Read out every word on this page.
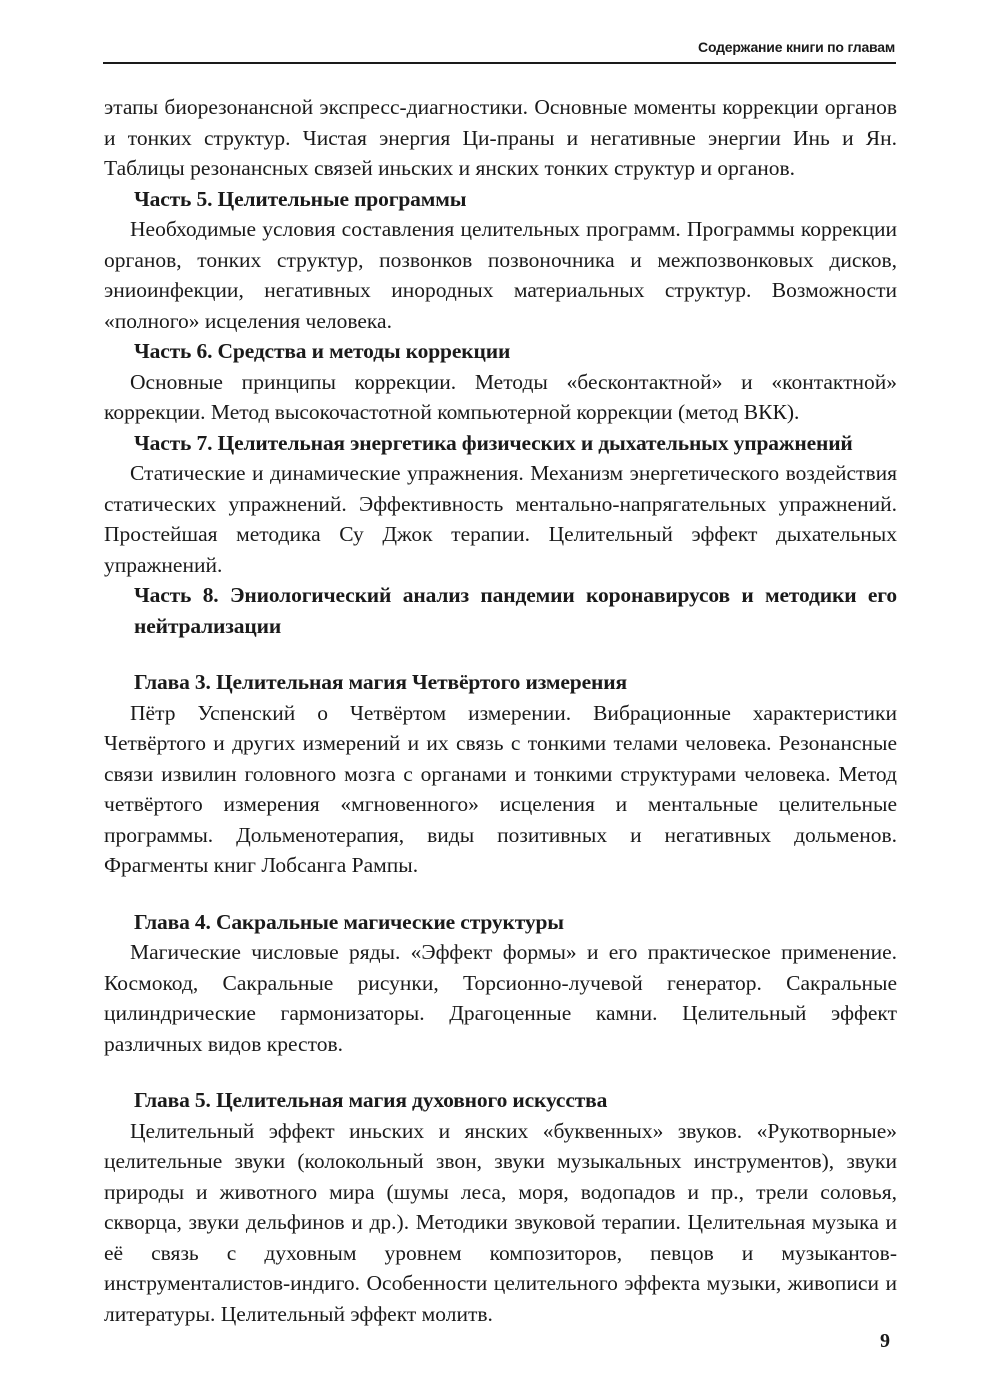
Содержание книги по главам

этапы биорезонансной экспресс-диагностики. Основные моменты коррекции органов и тонких структур. Чистая энергия Ци-праны и негативные энергии Инь и Ян. Таблицы резонансных связей иньских и янских тонких структур и органов.

Часть 5. Целительные программы

Необходимые условия составления целительных программ. Программы коррекции органов, тонких структур, позвонков позвоночника и межпозвонковых дисков, эниоинфекции, негативных инородных материальных структур. Возможности «полного» исцеления человека.

Часть 6. Средства и методы коррекции

Основные принципы коррекции. Методы «бесконтактной» и «контактной» коррекции. Метод высокочастотной компьютерной коррекции (метод ВКК).

Часть 7. Целительная энергетика физических и дыхательных упражнений

Статические и динамические упражнения. Механизм энергетического воздействия статических упражнений. Эффективность ментально-напрягательных упражнений. Простейшая методика Су Джок терапии. Целительный эффект дыхательных упражнений.

Часть 8. Эниологический анализ пандемии коронавирусов и методики его нейтрализации

Глава 3. Целительная магия Четвёртого измерения

Пётр Успенский о Четвёртом измерении. Вибрационные характеристики Четвёртого и других измерений и их связь с тонкими телами человека. Резонансные связи извилин головного мозга с органами и тонкими структурами человека. Метод четвёртого измерения «мгновенного» исцеления и ментальные целительные программы. Дольменотерапия, виды позитивных и негативных дольменов. Фрагменты книг Лобсанга Рампы.

Глава 4. Сакральные магические структуры

Магические числовые ряды. «Эффект формы» и его практическое применение. Космокод, Сакральные рисунки, Торсионно-лучевой генератор. Сакральные цилиндрические гармонизаторы. Драгоценные камни. Целительный эффект различных видов крестов.

Глава 5. Целительная магия духовного искусства

Целительный эффект иньских и янских «буквенных» звуков. «Рукотворные» целительные звуки (колокольный звон, звуки музыкальных инструментов), звуки природы и животного мира (шумы леса, моря, водопадов и пр., трели соловья, скворца, звуки дельфинов и др.). Методики звуковой терапии. Целительная музыка и её связь с духовным уровнем композиторов, певцов и музыкантов-инструменталистов-индиго. Особенности целительного эффекта музыки, живописи и литературы. Целительный эффект молитв.

9
